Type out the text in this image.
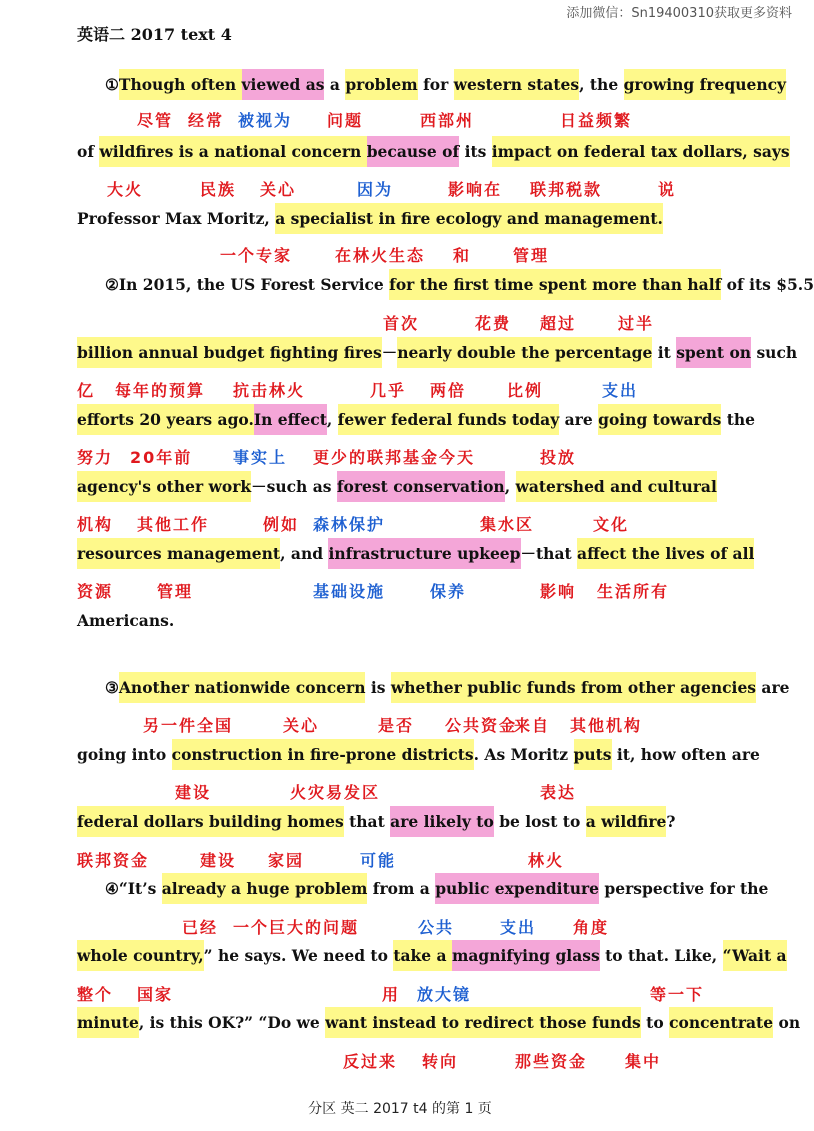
添加微信：Sn19400310获取更多资料
英语二 2017 text 4
①Though often viewed as a problem for western states, the growing frequency
of wildfires is a national concern because of its impact on federal tax dollars, says
Professor Max Moritz, a specialist in fire ecology and management.
②In 2015, the US Forest Service for the first time spent more than half of its $5.5
billion annual budget fighting fires－nearly double the percentage it spent on such
efforts 20 years ago.In effect, fewer federal funds today are going towards the
agency's other work－such as forest conservation, watershed and cultural
resources management, and infrastructure upkeep－that affect the lives of all
Americans.
③Another nationwide concern is whether public funds from other agencies are
going into construction in fire-prone districts. As Moritz puts it, how often are
federal dollars building homes that are likely to be lost to a wildfire?
④“It’s already a huge problem from a public expenditure perspective for the
whole country,” he says. We need to take a magnifying glass to that. Like, “Wait a
minute, is this OK?” “Do we want instead to redirect those funds to concentrate on
尽管 经常 被视为 问题	西部州	日益频繁
大火	民族 关心	因为	影响在 联邦税款	说
一个专家	在林火生态 和	管理
首次	花费 超过	过半
亿 每年的预算 抗击林火	几乎 两倍	比例	支出
努力 20年前	事实上 更少的联邦基金今天	投放
机构 其他工作	例如 森林保护	集水区	文化
资源	管理	基础设施	保养	影响 生活所有
另一件全国	关心	是否 公共资金
来自 其他机构
建设	火灾易发区	表达
联邦资金	建设 家园	可能	林火
已经 一个巨大的问题	公共	支出 角度
整个 国家	用 放大镜	等一下
反过来 转向	那些资金 集中
分区 英二 2017 t4 的第 1 页
